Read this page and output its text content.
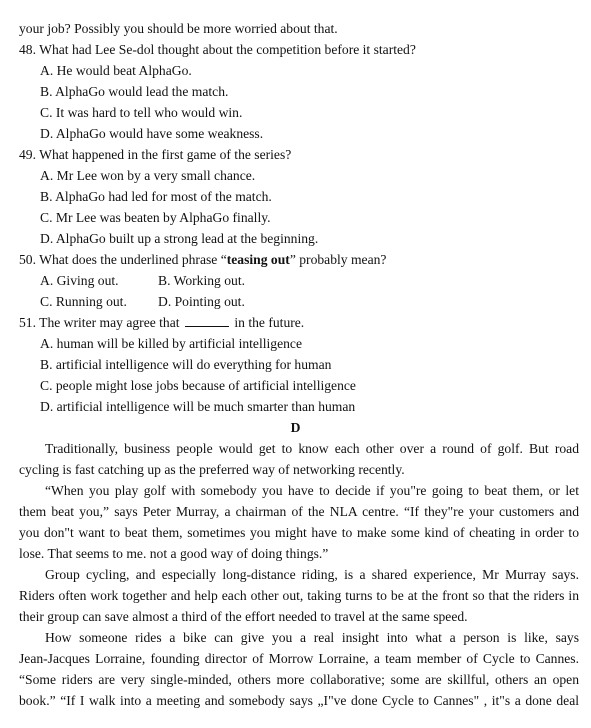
your job? Possibly you should be more worried about that.
48. What had Lee Se-dol thought about the competition before it started?
A. He would beat AlphaGo.
B. AlphaGo would lead the match.
C. It was hard to tell who would win.
D. AlphaGo would have some weakness.
49. What happened in the first game of the series?
A. Mr Lee won by a very small chance.
B. AlphaGo had led for most of the match.
C. Mr Lee was beaten by AlphaGo finally.
D. AlphaGo built up a strong lead at the beginning.
50. What does the underlined phrase “teasing out” probably mean?
A. Giving out.	B. Working out.
C. Running out. D. Pointing out.
51. The writer may agree that	in the future.
A. human will be killed by artificial intelligence
B. artificial intelligence will do everything for human
C. people might lose jobs because of artificial intelligence
D. artificial intelligence will be much smarter than human
D
Traditionally, business people would get to know each other over a round of golf. But road
cycling is fast catching up as the preferred way of networking recently.
“When you play golf with somebody you have to decide if you"re going to beat them, or let
them beat you,” says Peter Murray, a chairman of the NLA centre. “If they"re your customers and
you don"t want to beat them, sometimes you might have to make some kind of cheating in order to
lose. That seems to me. not a good way of doing things.”
Group cycling, and especially long-distance riding, is a shared experience, Mr Murray says.
Riders often work together and help each other out, taking turns to be at the front so that the riders in
their group can save almost a third of the effort needed to travel at the same speed.
How someone rides a bike can give you a real insight into what a person is like, says
Jean-Jacques Lorraine, founding director of Morrow Lorraine, a team member of Cycle to Cannes.
“Some riders are very single-minded, others more collaborative; some are skillful, others an open
book.” “If I walk into a meeting and somebody says „I"ve done Cycle to Cannes" , it"s a done deal
